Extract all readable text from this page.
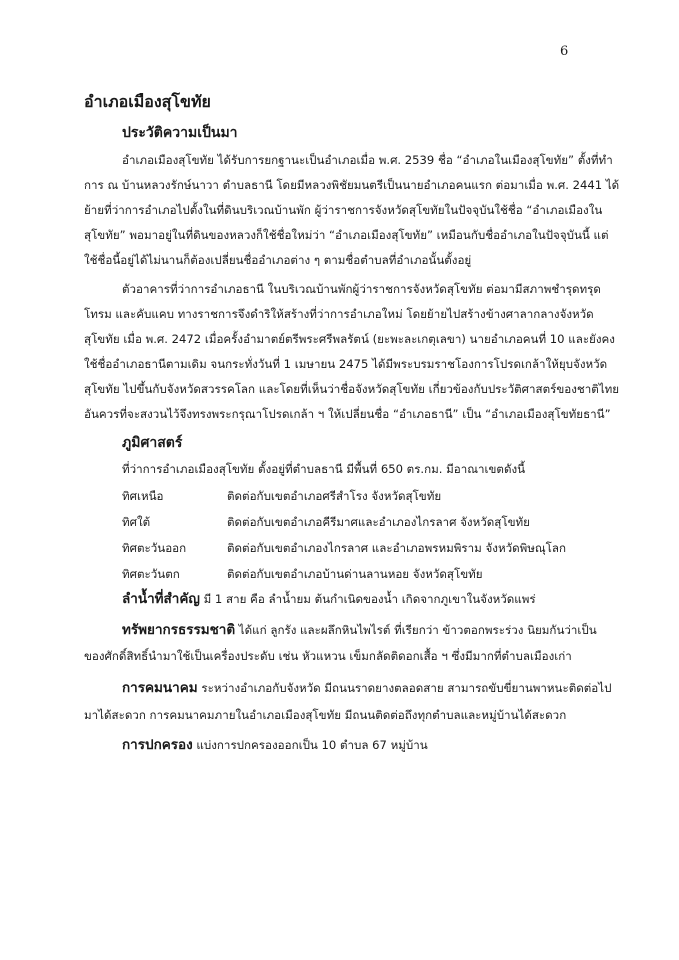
6
อำเภอเมืองสุโขทัย
ประวัติความเป็นมา
อำเภอเมืองสุโขทัย ได้รับการยกฐานะเป็นอำเภอเมื่อ พ.ศ. 2539 ชื่อ “อำเภอในเมืองสุโขทัย” ตั้งที่ทำ
การ ณ บ้านหลวงรักษ์นาวา ตำบลธานี โดยมีหลวงพิชัยมนตรีเป็นนายอำเภอคนแรก ต่อมาเมื่อ พ.ศ. 2441 ได้
ย้ายที่ว่าการอำเภอไปตั้งในที่ดินบริเวณบ้านพัก ผู้ว่าราชการจังหวัดสุโขทัยในปัจจุบันใช้ชื่อ “อำเภอเมืองใน
สุโขทัย” พอมาอยู่ในที่ดินของหลวงก็ใช้ชื่อใหม่ว่า “อำเภอเมืองสุโขทัย” เหมือนกับชื่ออำเภอในปัจจุบันนี้ แต่
ใช้ชื่อนี้อยู่ได้ไม่นานก็ต้องเปลี่ยนชื่ออำเภอต่าง ๆ ตามชื่อตำบลที่อำเภอนั้นตั้งอยู่
ตัวอาคารที่ว่าการอำเภอธานี ในบริเวณบ้านพักผู้ว่าราชการจังหวัดสุโขทัย ต่อมามีสภาพชำรุดทรุด
โทรม และคับแคบ ทางราชการจึงดำริให้สร้างที่ว่าการอำเภอใหม่ โดยย้ายไปสร้างข้างศาลากลางจังหวัด
สุโขทัย เมื่อ พ.ศ. 2472 เมื่อครั้งอำมาตย์ตรีพระศรีพลรัตน์ (ยะพะละเกตุเลขา) นายอำเภอคนที่ 10 และยังคง
ใช้ชื่ออำเภอธานีตามเดิม จนกระทั่งวันที่ 1 เมษายน 2475 ได้มีพระบรมราชโองการโปรดเกล้าให้ยุบจังหวัด
สุโขทัย ไปขึ้นกับจังหวัดสวรรคโลก และโดยที่เห็นว่าชื่อจังหวัดสุโขทัย เกี่ยวข้องกับประวัติศาสตร์ของชาติไทย
อันควรที่จะสงวนไว้จึงทรงพระกรุณาโปรดเกล้า ฯ ให้เปลี่ยนชื่อ “อำเภอธานี” เป็น “อำเภอเมืองสุโขทัยธานี”
ภูมิศาสตร์
ที่ว่าการอำเภอเมืองสุโขทัย ตั้งอยู่ที่ตำบลธานี มีพื้นที่ 650 ตร.กม. มีอาณาเขตดังนี้
ทิศเหนือ	ติดต่อกับเขตอำเภอศรีสำโรง จังหวัดสุโขทัย
ทิศใต้	ติดต่อกับเขตอำเภอคีรีมาศและอำเภองไกรลาศ จังหวัดสุโขทัย
ทิศตะวันออก	ติดต่อกับเขตอำเภองไกรลาศ และอำเภอพรหมพิราม จังหวัดพิษณุโลก
ทิศตะวันตก	ติดต่อกับเขตอำเภอบ้านด่านลานหอย จังหวัดสุโขทัย
ลำน้ำที่สำคัญ มี 1 สาย คือ ลำน้ำยม ต้นกำเนิดของน้ำ เกิดจากภูเขาในจังหวัดแพร่
ทรัพยากรธรรมชาติ ได้แก่ ลูกรัง และผลึกหินไพไรต์ ที่เรียกว่า ข้าวตอกพระร่วง นิยมกันว่าเป็น
ของศักดิ์สิทธิ์นำมาใช้เป็นเครื่องประดับ เช่น หัวแหวน เข็มกลัดติดอกเสื้อ ฯ ซึ่งมีมากที่ตำบลเมืองเก่า
การคมนาคม ระหว่างอำเภอกับจังหวัด มีถนนราดยางตลอดสาย สามารถขับขี่ยานพาหนะติดต่อไป
มาได้สะดวก การคมนาคมภายในอำเภอเมืองสุโขทัย มีถนนติดต่อถึงทุกตำบลและหมู่บ้านได้สะดวก
การปกครอง แบ่งการปกครองออกเป็น 10 ตำบล 67 หมู่บ้าน
